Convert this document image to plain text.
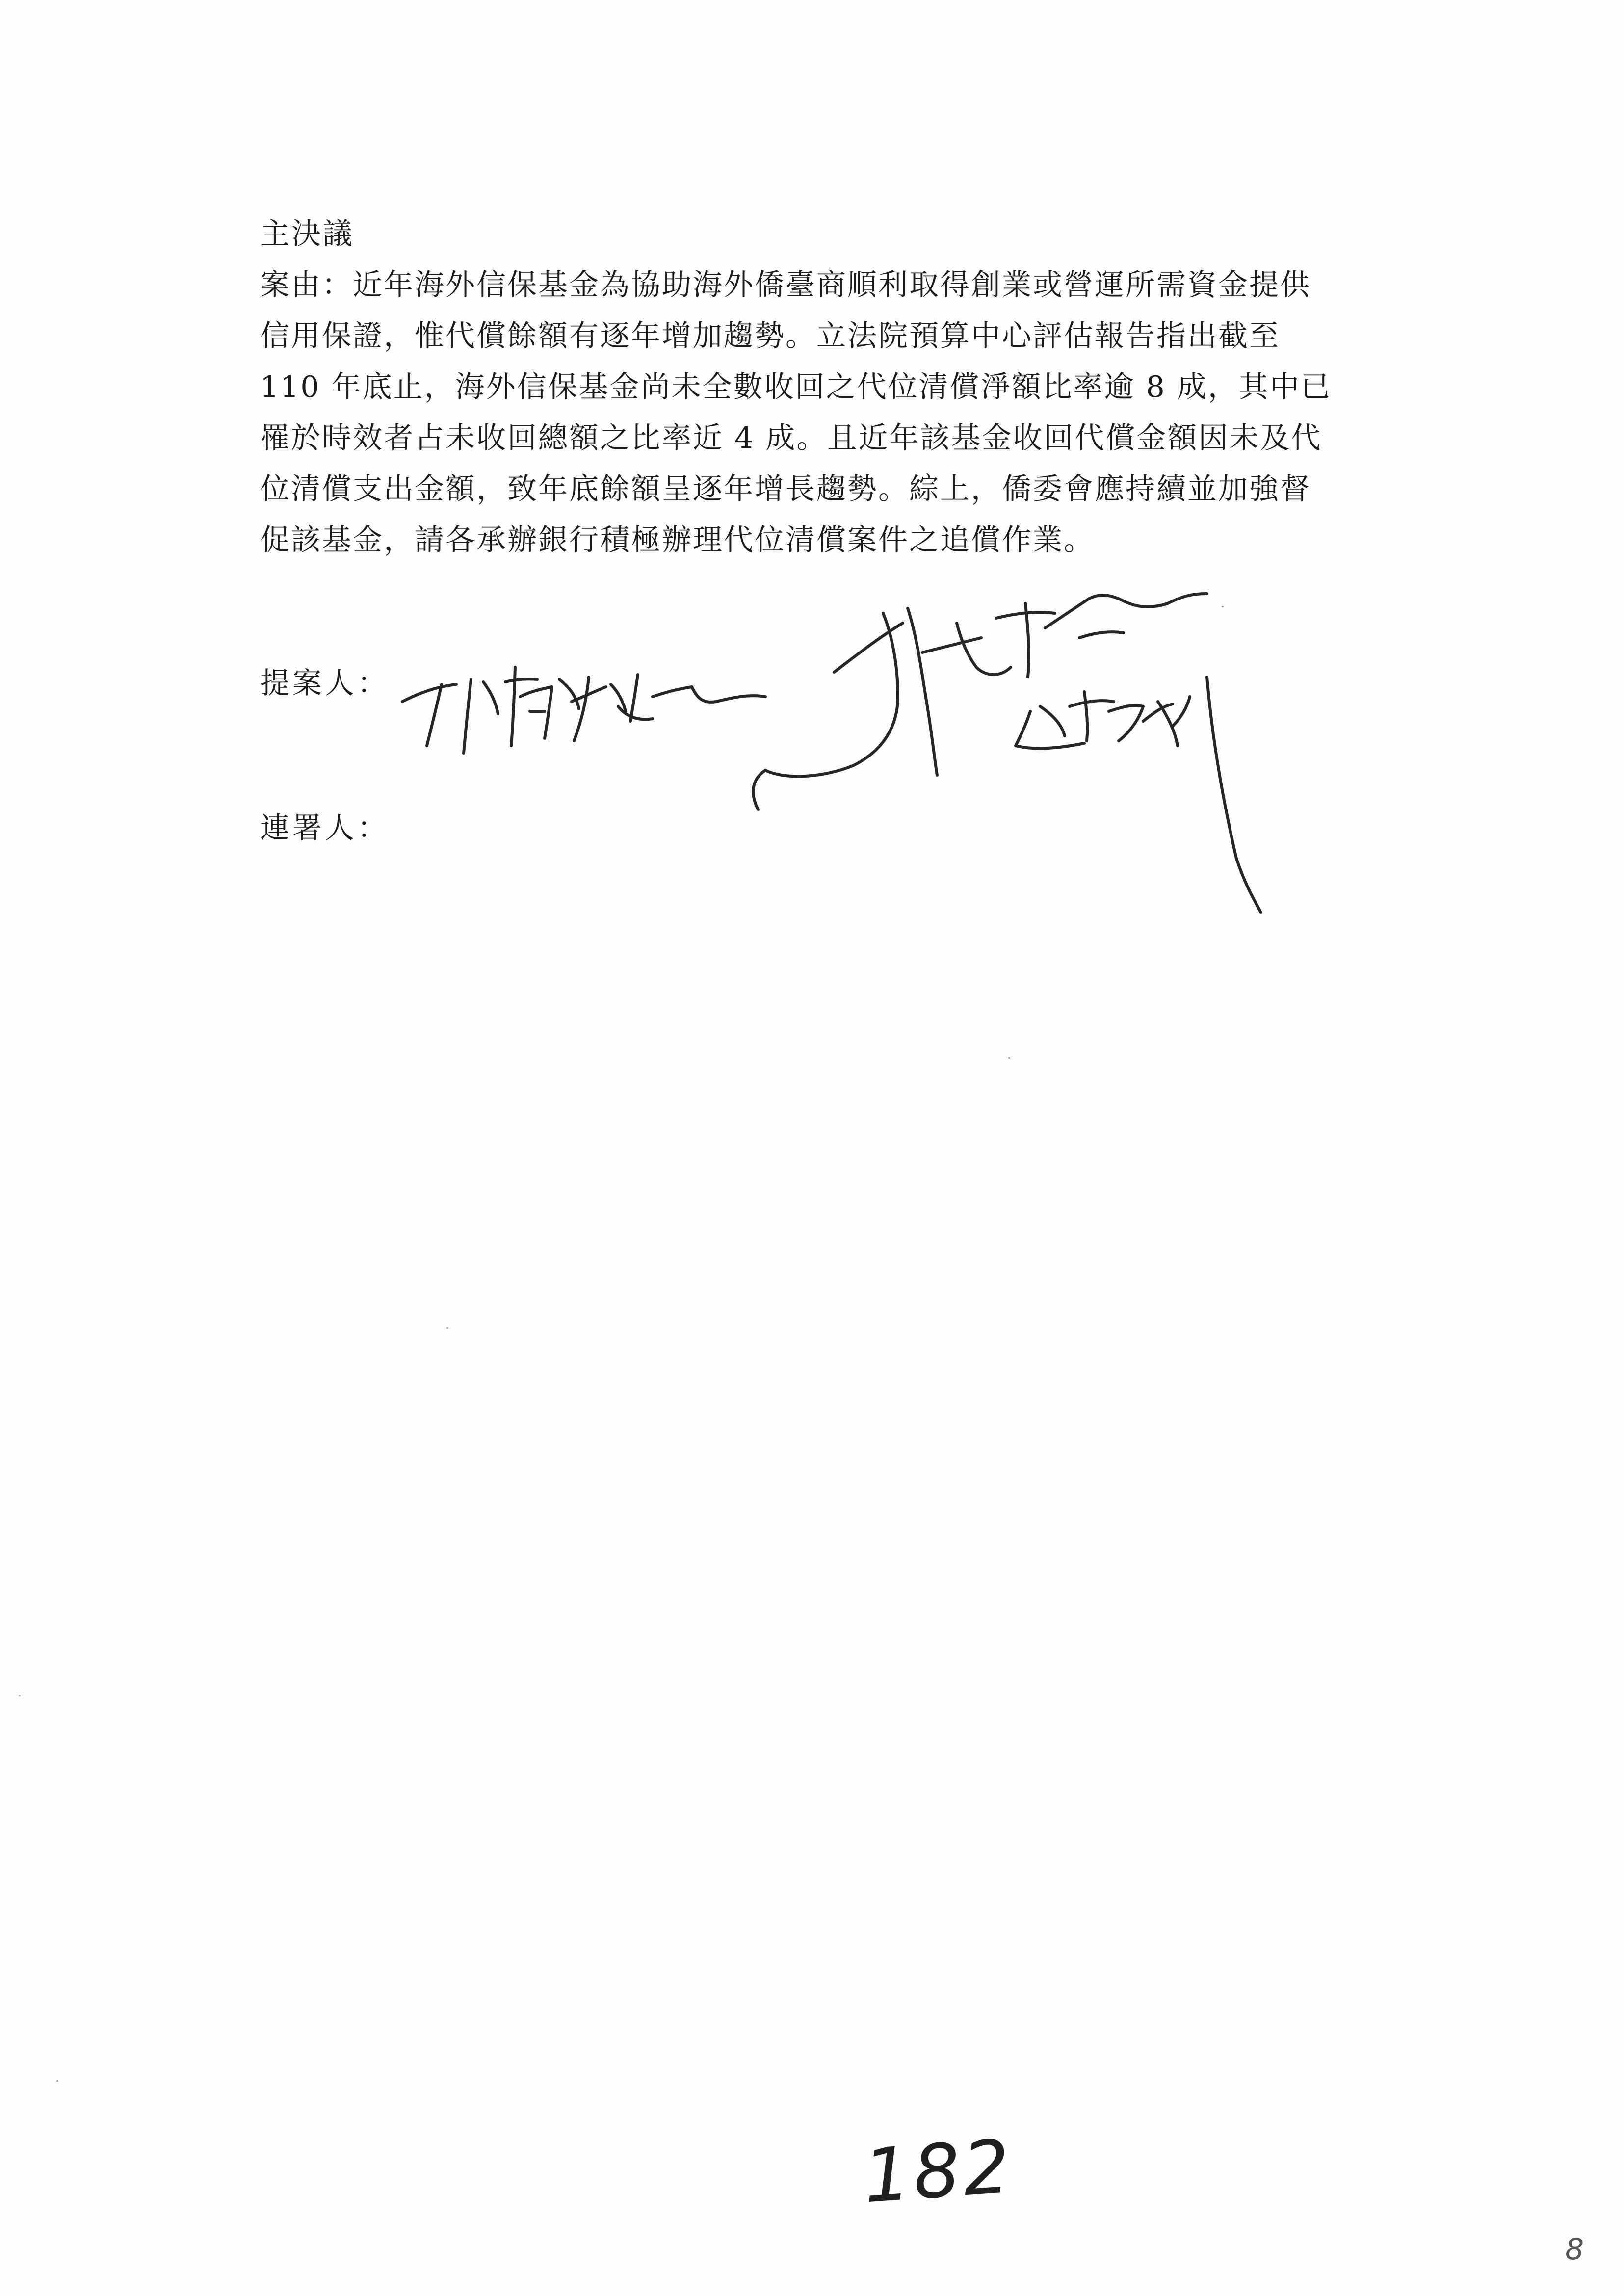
主決議

案由：近年海外信保基金為協助海外僑臺商順利取得創業或營運所需資金提供

信用保證，惟代償餘額有逐年增加趨勢。立法院預算中心評估報告指出截至

110 年底止，海外信保基金尚未全數收回之代位清償淨額比率逾 8 成，其中已

罹於時效者占未收回總額之比率近 4 成。且近年該基金收回代償金額因未及代

位清償支出金額，致年底餘額呈逐年增長趨勢。綜上，僑委會應持續並加強督

促該基金，請各承辦銀行積極辦理代位清償案件之追償作業。

提案人：
連署人：
182
8
